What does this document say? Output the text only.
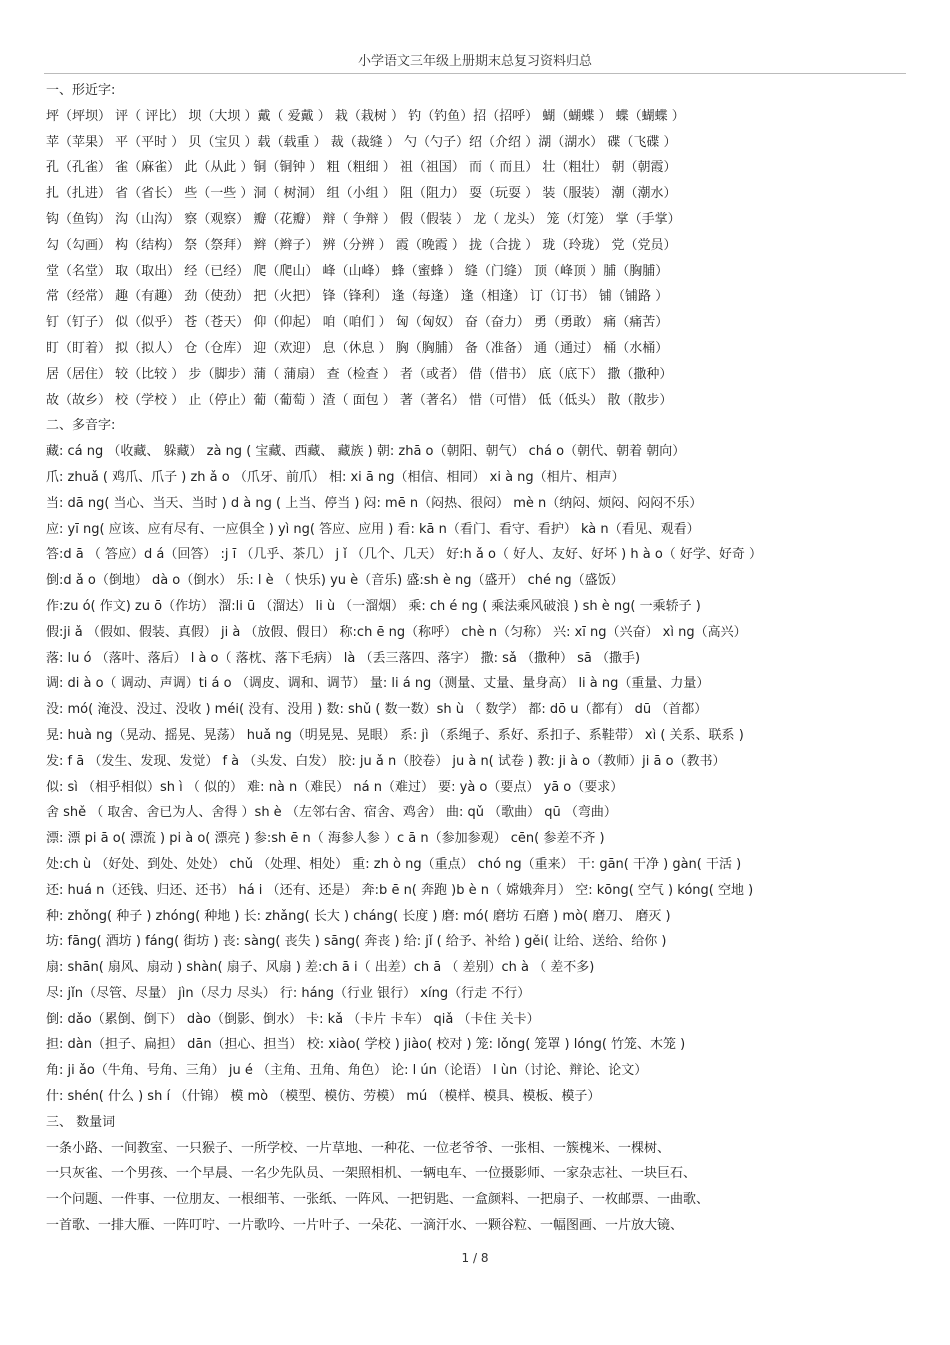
小学语文三年级上册期末总复习资料归总
一、形近字:
坪（坪坝） 评（ 评比） 坝（大坝 ）戴（ 爱戴 ） 栽（栽树 ） 钓（钓鱼）招（招呼） 蝴（蝴蝶 ） 蝶（蝴蝶 ）
苹（苹果） 平（平时 ） 贝（宝贝 ）载（载重 ） 裁（裁缝 ） 勺（勺子）绍（介绍 ）湖（湖水） 碟（飞碟 ）
孔（孔雀） 雀（麻雀） 此（从此 ）铜（铜钟 ） 粗（粗细 ） 祖（祖国） 而（ 而且） 壮（粗壮） 朝（朝霞）
扎（扎进） 省（省长） 些（一些 ）洞（ 树洞） 组（小组 ） 阻（阻力） 耍（玩耍 ） 装（服装） 潮（潮水）
钩（鱼钩） 沟（山沟） 察（观察） 瓣（花瓣） 辩（ 争辩 ） 假（假装 ） 龙（ 龙头） 笼（灯笼） 掌（手掌）
勾（勾画） 构（结构） 祭（祭拜） 辫（辫子） 辨（分辨 ） 霞（晚霞 ） 拢（合拢 ） 珑（玲珑） 党（党员）
堂（名堂） 取（取出） 经（已经） 爬（爬山） 峰（山峰） 蜂（蜜蜂 ） 缝（门缝） 顶（峰顶 ）脯（胸脯）
常（经常） 趣（有趣） 劲（使劲） 把（火把） 锋（锋利） 逢（每逢） 逢（相逢） 订（订书） 铺（铺路 ）
钉（钉子） 似（似乎） 苍（苍天） 仰（仰起） 咱（咱们 ） 匈（匈奴） 奋（奋力） 勇（勇敢） 痛（痛苦）
盯（盯着） 拟（拟人） 仓（仓库） 迎（欢迎） 息（休息 ） 胸（胸脯） 备（准备） 通（通过） 桶（水桶）
居（居住） 较（比较 ） 步（脚步）蒲（ 蒲扇） 查（检查 ） 者（或者） 借（借书） 底（底下） 撒（撒种）
故（故乡） 校（学校 ） 止（停止）葡（葡萄 ）渣（ 面包 ） 著（著名） 惜（可惜） 低（低头） 散（散步）
二、多音字:
藏: cá ng （收藏、 躲藏） zà ng ( 宝藏、西藏、 藏族 ) 朝: zhā o（朝阳、朝气） chá o（朝代、朝着 朝向）
爪: zhuǎ ( 鸡爪、爪子 ) zh ǎ o （爪牙、前爪） 相: xi ā ng（相信、相同） xi à ng（相片、相声）
当: dā ng( 当心、当天、当时 ) d à ng ( 上当、停当 ) 闷: mē n（闷热、很闷） mè n（纳闷、烦闷、闷闷不乐）
应: yī ng( 应该、应有尽有、一应俱全 ) yì ng( 答应、应用 ) 看: kā n（看门、看守、看护） kà n（看见、观看）
答:d ā （ 答应）d á（回答） :j ī （几乎、茶几） j ǐ （几个、几天） 好:h ǎ o（ 好人、友好、好坏 ) h à o（ 好学、好奇 ）
倒:d ǎ o（倒地） dà o（倒水） 乐: l è （ 快乐) yu è（音乐) 盛:sh è ng（盛开） ché ng（盛饭）
作:zu ó( 作文) zu ō（作坊） 溜:li ū （溜达） li ù （一溜烟） 乘: ch é ng ( 乘法乘风破浪 ) sh è ng( 一乘轿子 )
假:ji ǎ （假如、假装、真假） ji à （放假、假日） 称:ch ē ng（称呼） chè n（匀称） 兴: xī ng（兴奋） xì ng（高兴）
落: lu ó （落叶、落后） l à o（ 落枕、落下毛病） là （丢三落四、落字） 撒: sǎ （撒种） sā （撒手)
调: di à o（ 调动、声调）ti á o （调皮、调和、调节） 量: li á ng（测量、丈量、量身高） li à ng（重量、力量）
没: mó( 淹没、没过、没收 ) méi( 没有、没用 ) 数: shǔ ( 数一数）sh ù （ 数学） 都: dō u（都有） dū （首都）
晃: huà ng（晃动、摇晃、晃荡） huǎ ng（明晃晃、晃眼） 系: jì （系绳子、系好、系扣子、系鞋带） xì ( 关系、联系 )
发: f ā （发生、发现、发觉） f à （头发、白发） 胶: ju ǎ n（胶卷） ju à n( 试卷 ) 教: ji à o（教师）ji ā o（教书）
似: sì （相乎相似）sh ì （ 似的） 难: nà n（难民） ná n（难过） 要: yà o（要点） yā o（要求）
舍 shě （ 取舍、舍已为人、舍得 ）sh è （左邻右舍、宿舍、鸡舍） 曲: qǔ （歌曲） qū （弯曲）
漂: 漂 pi ā o( 漂流 ) pi à o( 漂亮 ) 参:sh ē n（ 海参人参 ）c ā n（参加参观） cēn( 参差不齐 )
处:ch ù （好处、到处、处处） chǔ （处理、相处） 重: zh ò ng（重点） chó ng（重来） 干: gān( 干净 ) gàn( 干活 )
还: huá n（还钱、归还、还书） há i （还有、还是） 奔:b ē n( 奔跑 )b è n（ 嫦娥奔月） 空: kōng( 空气 ) kóng( 空地 )
种: zhǒng( 种子 ) zhóng( 种地 ) 长: zhǎng( 长大 ) cháng( 长度 ) 磨: mó( 磨坊 石磨 ) mò( 磨刀、 磨灭 )
坊: fāng( 酒坊 ) fáng( 街坊 ) 丧: sàng( 丧失 ) sāng( 奔丧 ) 给: jǐ ( 给予、补给 ) gěi( 让给、送给、给你 )
扇: shān( 扇风、扇动 ) shàn( 扇子、风扇 ) 差:ch ā i（ 出差）ch ā （ 差别）ch à （ 差不多)
尽: jǐn（尽管、尽量） jìn（尽力 尽头） 行: háng（行业 银行） xíng（行走 不行）
倒: dǎo（累倒、倒下） dào（倒影、倒水） 卡: kǎ （卡片 卡车） qiǎ （卡住 关卡）
担: dàn（担子、扁担） dān（担心、担当） 校: xiào( 学校 ) jiào( 校对 ) 笼: lǒng( 笼罩 ) lóng( 竹笼、木笼 )
角: ji ǎo（牛角、号角、三角） ju é （主角、丑角、角色） 论: l ún（论语） l ùn（讨论、辩论、论文）
什: shén( 什么 ) sh í （什锦） 模 mò （模型、模仿、劳模） mú （模样、模具、模板、模子）
三、 数量词
一条小路、一间教室、一只猴子、一所学校、一片草地、一种花、一位老爷爷、一张相、一簇槐米、一棵树、
一只灰雀、一个男孩、一个早晨、一名少先队员、一架照相机、一辆电车、一位摄影师、一家杂志社、一块巨石、
一个问题、一件事、一位朋友、一根细苇、一张纸、一阵风、一把钥匙、一盒颜料、一把扇子、一枚邮票、一曲歌、
一首歌、一排大雁、一阵叮咛、一片歌吟、一片叶子、一朵花、一滴汗水、一颗谷粒、一幅图画、一片放大镜、
1 / 8
